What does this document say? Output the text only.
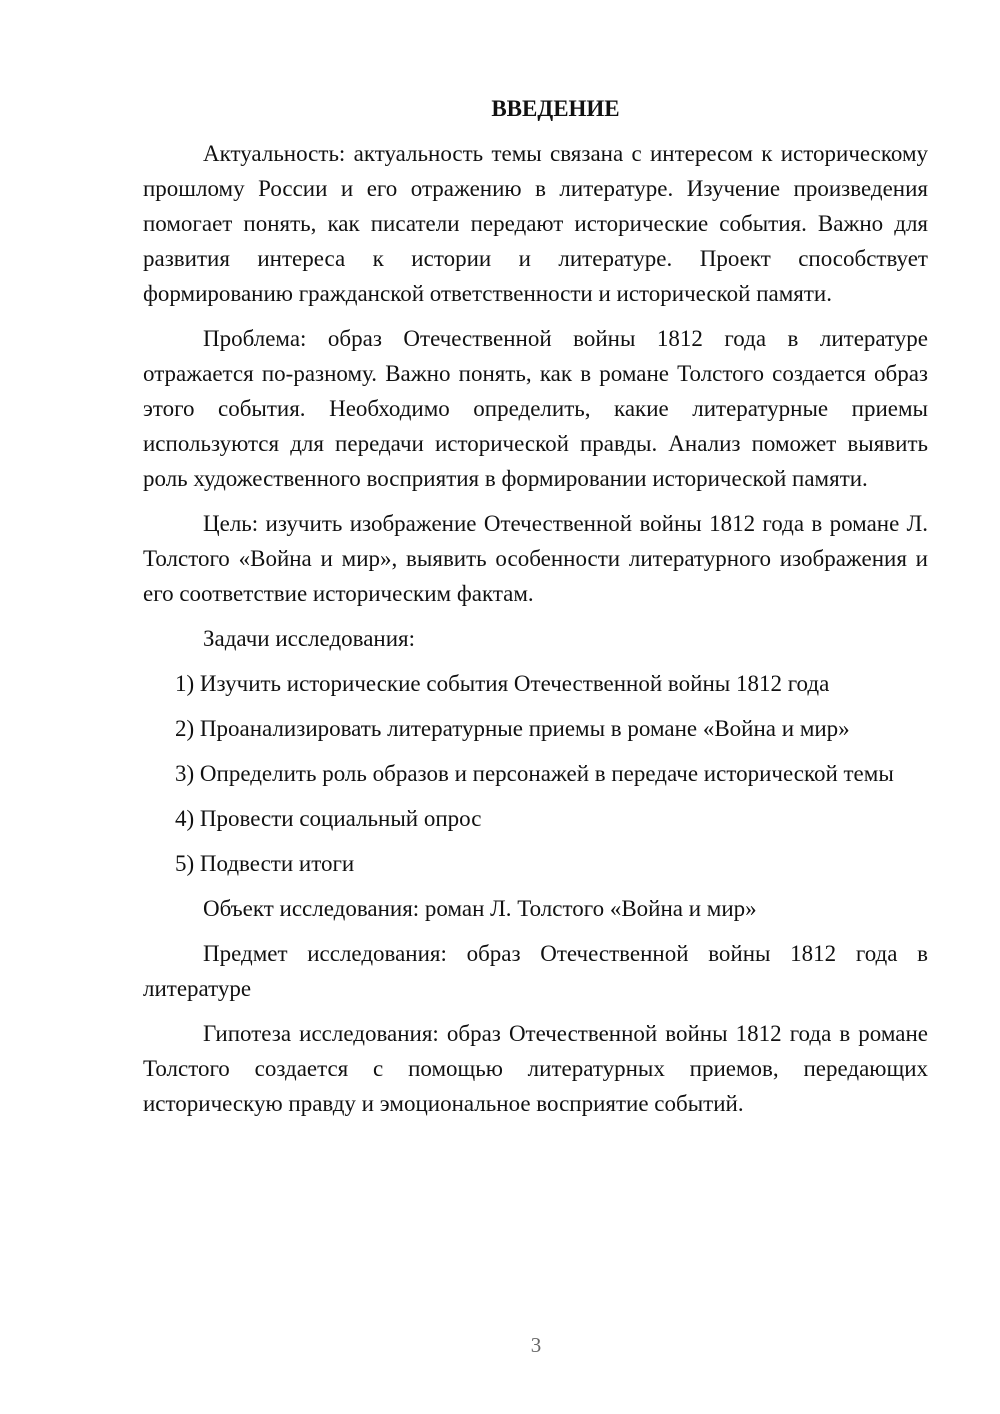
ВВЕДЕНИЕ

Актуальность: актуальность темы связана с интересом к историческому прошлому России и его отражению в литературе. Изучение произведения помогает понять, как писатели передают исторические события. Важно для развития интереса к истории и литературе. Проект способствует формированию гражданской ответственности и исторической памяти.

Проблема: образ Отечественной войны 1812 года в литературе отражается по-разному. Важно понять, как в романе Толстого создается образ этого события. Необходимо определить, какие литературные приемы используются для передачи исторической правды. Анализ поможет выявить роль художественного восприятия в формировании исторической памяти.

Цель: изучить изображение Отечественной войны 1812 года в романе Л. Толстого «Война и мир», выявить особенности литературного изображения и его соответствие историческим фактам.

Задачи исследования:

1) Изучить исторические события Отечественной войны 1812 года

2) Проанализировать литературные приемы в романе «Война и мир»

3) Определить роль образов и персонажей в передаче исторической темы

4) Провести социальный опрос

5) Подвести итоги

Объект исследования: роман Л. Толстого «Война и мир»

Предмет исследования: образ Отечественной войны 1812 года в литературе

Гипотеза исследования: образ Отечественной войны 1812 года в романе Толстого создается с помощью литературных приемов, передающих историческую правду и эмоциональное восприятие событий.

3
